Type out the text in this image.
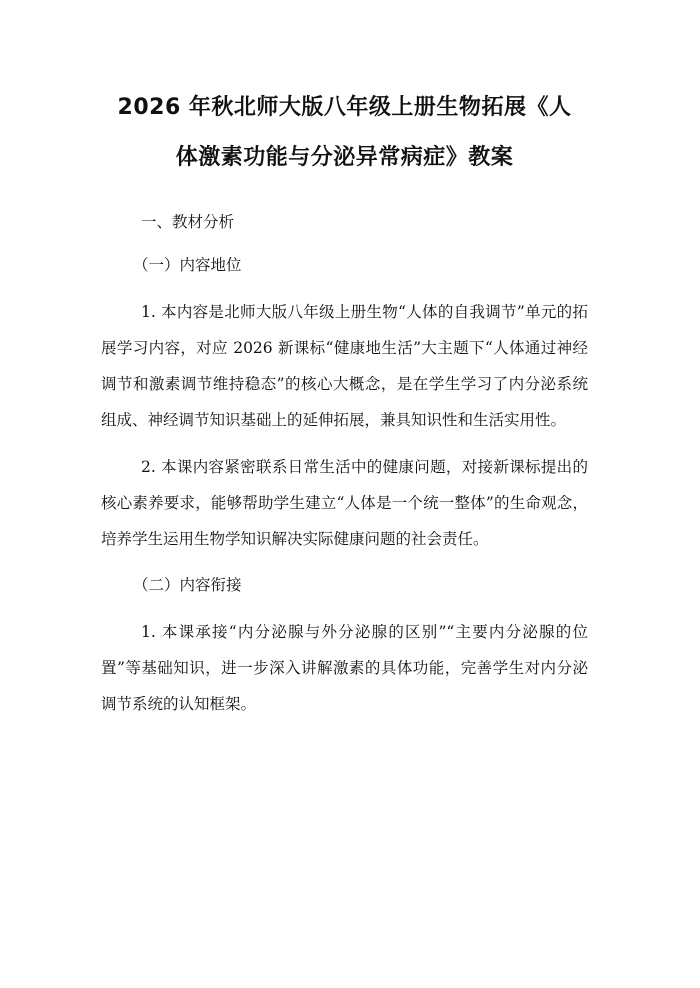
2026 年秋北师大版八年级上册生物拓展《人
体激素功能与分泌异常病症》教案
一、教材分析
（一）内容地位

1. 本内容是北师大版八年级上册生物“人体的自我调节”单元的拓展学习内容，对应 2026 新课标“健康地生活”大主题下“人体通过神经调节和激素调节维持稳态”的核心大概念，是在学生学习了内分泌系统组成、神经调节知识基础上的延伸拓展，兼具知识性和生活实用性。

2. 本课内容紧密联系日常生活中的健康问题，对接新课标提出的核心素养要求，能够帮助学生建立“人体是一个统一整体”的生命观念，培养学生运用生物学知识解决实际健康问题的社会责任。

（二）内容衔接

1. 本课承接“内分泌腺与外分泌腺的区别”“主要内分泌腺的位置”等基础知识，进一步深入讲解激素的具体功能，完善学生对内分泌调节系统的认知框架。
